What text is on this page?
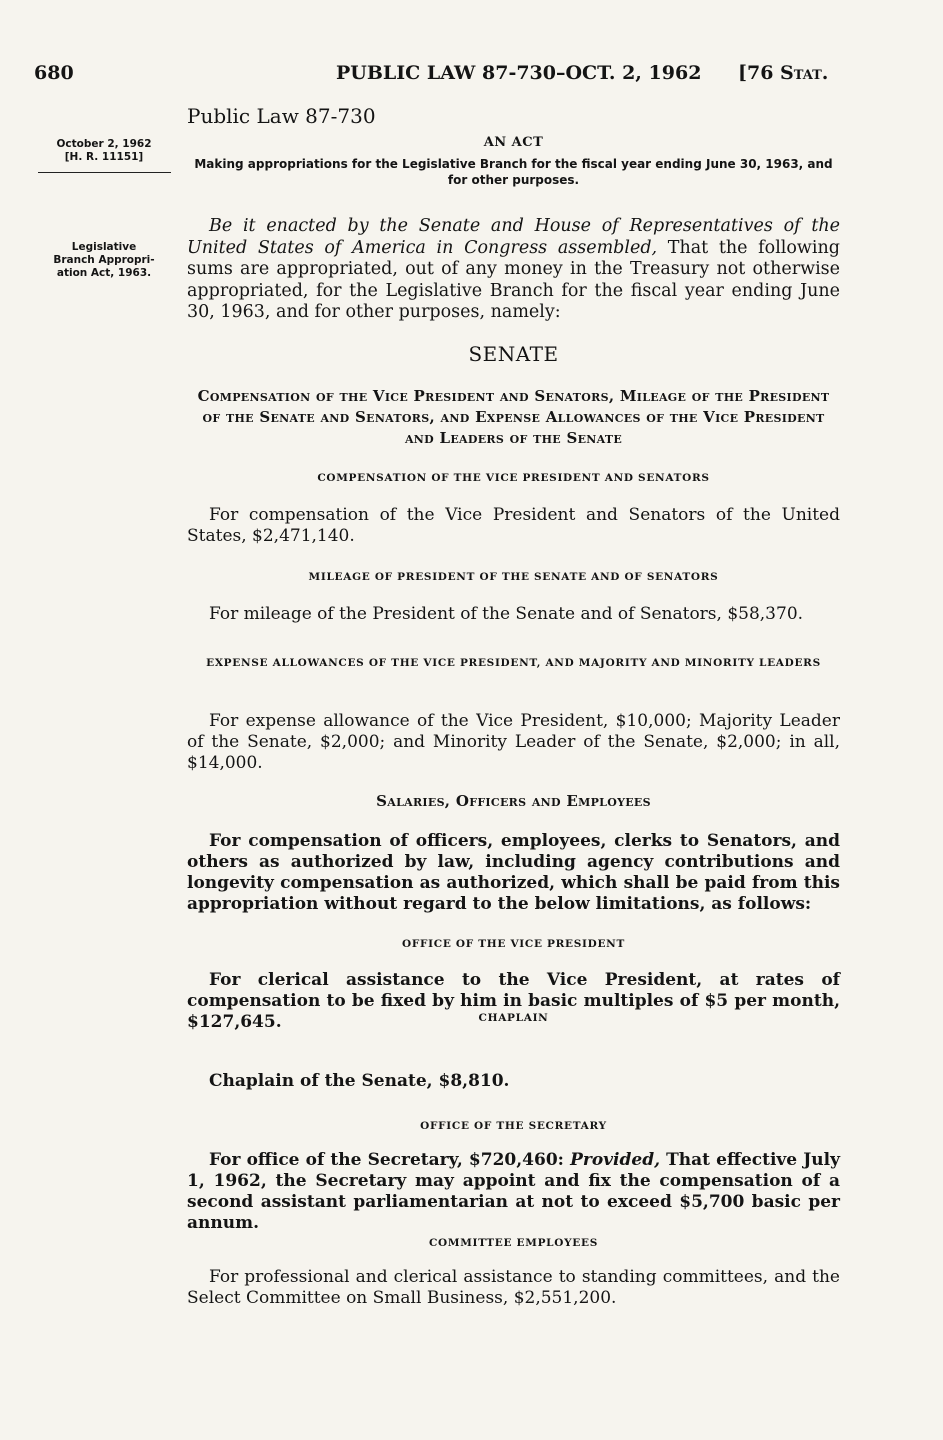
680	PUBLIC LAW 87-730–OCT. 2, 1962 [76 Stat.
October 2, 1962
[H. R. 11151]
Legislative
Branch Appropri-
ation Act, 1963.
Public Law 87-730
AN ACT
Making appropriations for the Legislative Branch for the fiscal year ending June 30, 1963, and for other purposes.
Be it enacted by the Senate and House of Representatives of the United States of America in Congress assembled, That the following sums are appropriated, out of any money in the Treasury not otherwise appropriated, for the Legislative Branch for the fiscal year ending June 30, 1963, and for other purposes, namely:
SENATE
Compensation of the Vice President and Senators, Mileage of the President of the Senate and Senators, and Expense Allowances of the Vice President and Leaders of the Senate
COMPENSATION OF THE VICE PRESIDENT AND SENATORS
For compensation of the Vice President and Senators of the United States, $2,471,140.
MILEAGE OF PRESIDENT OF THE SENATE AND OF SENATORS
For mileage of the President of the Senate and of Senators, $58,370.
EXPENSE ALLOWANCES OF THE VICE PRESIDENT, AND MAJORITY AND MINORITY LEADERS
For expense allowance of the Vice President, $10,000; Majority Leader of the Senate, $2,000; and Minority Leader of the Senate, $2,000; in all, $14,000.
Salaries, Officers and Employees
For compensation of officers, employees, clerks to Senators, and others as authorized by law, including agency contributions and longevity compensation as authorized, which shall be paid from this appropriation without regard to the below limitations, as follows:
OFFICE OF THE VICE PRESIDENT
For clerical assistance to the Vice President, at rates of compensation to be fixed by him in basic multiples of $5 per month, $127,645.	CHAPLAIN
Chaplain of the Senate, $8,810.
OFFICE OF THE SECRETARY
For office of the Secretary, $720,460: Provided, That effective July 1, 1962, the Secretary may appoint and fix the compensation of a second assistant parliamentarian at not to exceed $5,700 basic per annum.
COMMITTEE EMPLOYEES
For professional and clerical assistance to standing committees, and the Select Committee on Small Business, $2,551,200.
